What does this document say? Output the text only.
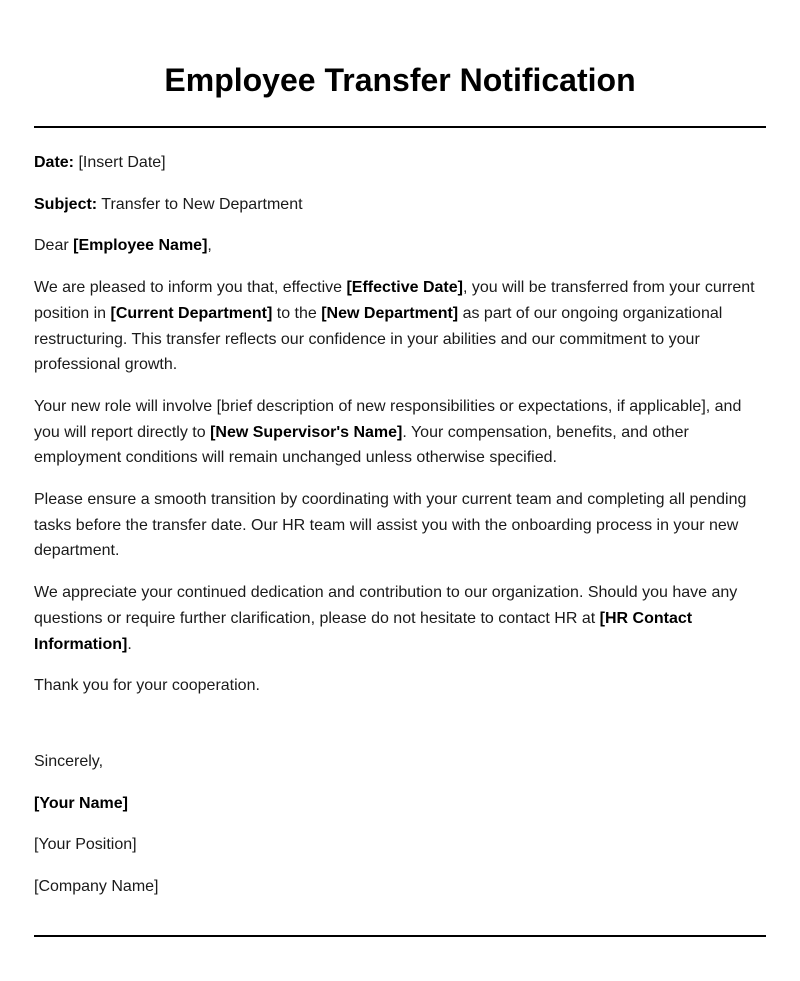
Employee Transfer Notification

Date: [Insert Date]

Subject: Transfer to New Department

Dear [Employee Name],

We are pleased to inform you that, effective [Effective Date], you will be transferred from your current position in [Current Department] to the [New Department] as part of our ongoing organizational restructuring. This transfer reflects our confidence in your abilities and our commitment to your professional growth.

Your new role will involve [brief description of new responsibilities or expectations, if applicable], and you will report directly to [New Supervisor's Name]. Your compensation, benefits, and other employment conditions will remain unchanged unless otherwise specified.

Please ensure a smooth transition by coordinating with your current team and completing all pending tasks before the transfer date. Our HR team will assist you with the onboarding process in your new department.

We appreciate your continued dedication and contribution to our organization. Should you have any questions or require further clarification, please do not hesitate to contact HR at [HR Contact Information].

Thank you for your cooperation.

Sincerely,

[Your Name]

[Your Position]

[Company Name]
